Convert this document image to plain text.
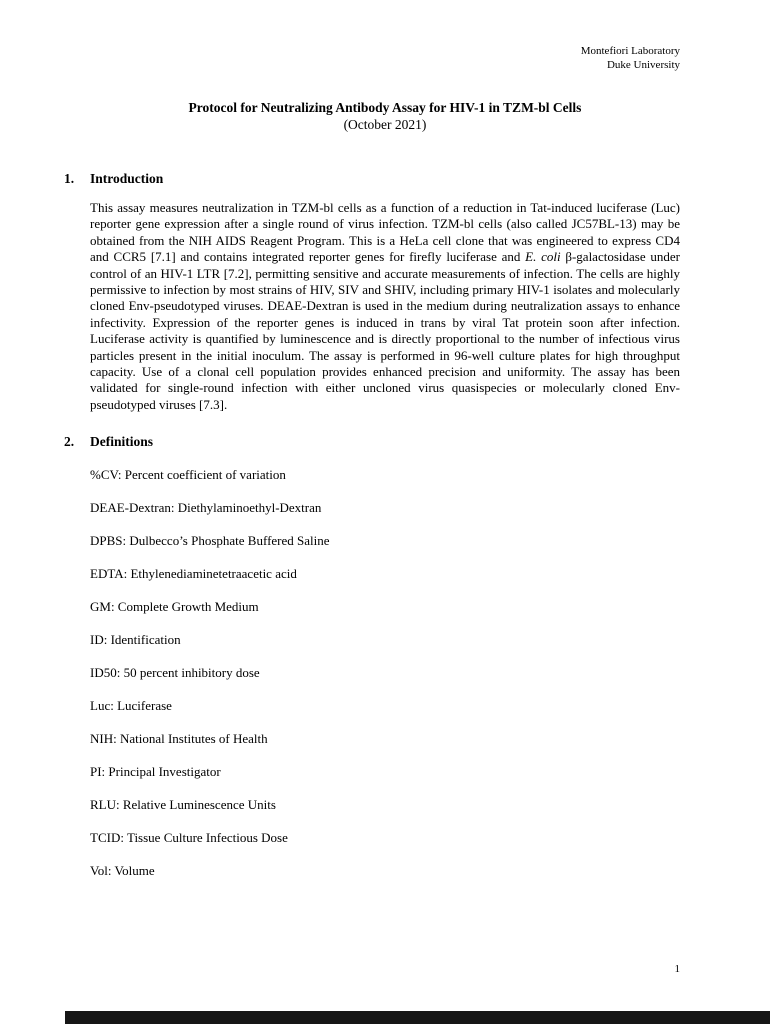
Montefiori Laboratory
Duke University
Protocol for Neutralizing Antibody Assay for HIV-1 in TZM-bl Cells
(October 2021)
1. Introduction

This assay measures neutralization in TZM-bl cells as a function of a reduction in Tat-induced luciferase (Luc) reporter gene expression after a single round of virus infection. TZM-bl cells (also called JC57BL-13) may be obtained from the NIH AIDS Reagent Program. This is a HeLa cell clone that was engineered to express CD4 and CCR5 [7.1] and contains integrated reporter genes for firefly luciferase and E. coli β-galactosidase under control of an HIV-1 LTR [7.2], permitting sensitive and accurate measurements of infection. The cells are highly permissive to infection by most strains of HIV, SIV and SHIV, including primary HIV-1 isolates and molecularly cloned Env-pseudotyped viruses. DEAE-Dextran is used in the medium during neutralization assays to enhance infectivity. Expression of the reporter genes is induced in trans by viral Tat protein soon after infection. Luciferase activity is quantified by luminescence and is directly proportional to the number of infectious virus particles present in the initial inoculum. The assay is performed in 96-well culture plates for high throughput capacity. Use of a clonal cell population provides enhanced precision and uniformity. The assay has been validated for single-round infection with either uncloned virus quasispecies or molecularly cloned Env-pseudotyped viruses [7.3].

2. Definitions
%CV: Percent coefficient of variation
DEAE-Dextran: Diethylaminoethyl-Dextran
DPBS: Dulbecco’s Phosphate Buffered Saline
EDTA: Ethylenediaminetetraacetic acid
GM: Complete Growth Medium
ID: Identification
ID50: 50 percent inhibitory dose
Luc: Luciferase
NIH: National Institutes of Health
PI: Principal Investigator
RLU: Relative Luminescence Units
TCID: Tissue Culture Infectious Dose
Vol: Volume
1
